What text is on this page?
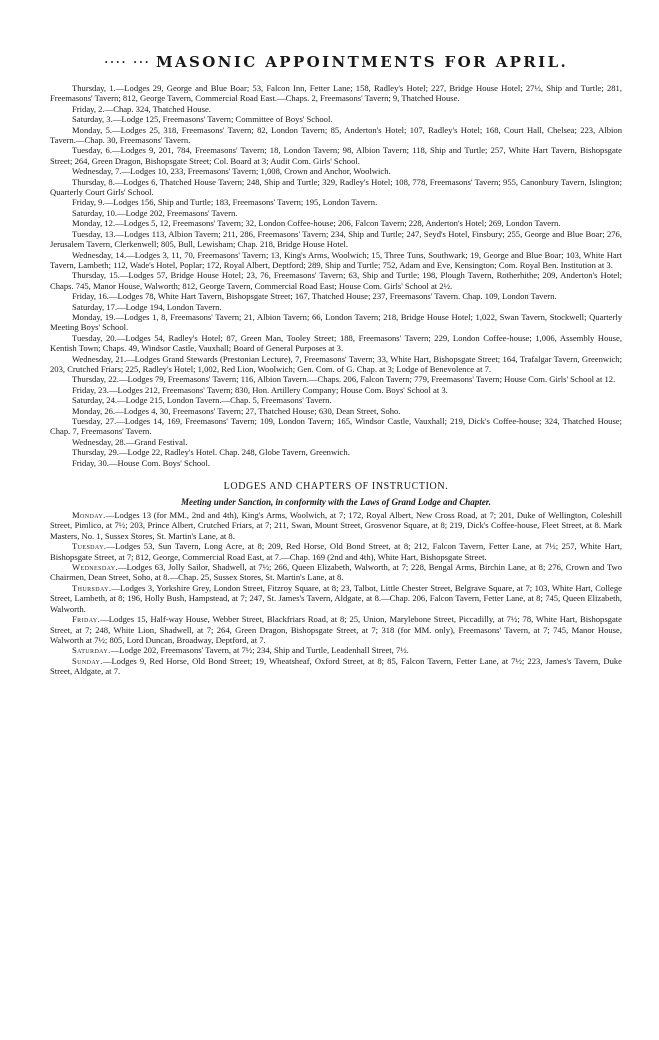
···· ··· MASONIC APPOINTMENTS FOR APRIL.

Thursday, 1.—Lodges 29, George and Blue Boar; 53, Falcon Inn, Fetter Lane; 158, Radley's Hotel; 227, Bridge House Hotel; 27½, Ship and Turtle; 281, Freemasons' Tavern; 812, George Tavern, Commercial Road East.—Chaps. 2, Freemasons' Tavern; 9, Thatched House.

Friday, 2.—Chap. 324, Thatched House.

Saturday, 3.—Lodge 125, Freemasons' Tavern; Committee of Boys' School.

Monday, 5.—Lodges 25, 318, Freemasons' Tavern; 82, London Tavern; 85, Anderton's Hotel; 107, Radley's Hotel; 168, Court Hall, Chelsea; 223, Albion Tavern.—Chap. 30, Freemasons' Tavern.

Tuesday, 6.—Lodges 9, 201, 784, Freemasons' Tavern; 18, London Tavern; 98, Albion Tavern; 118, Ship and Turtle; 257, White Hart Tavern, Bishopsgate Street; 264, Green Dragon, Bishopsgate Street; Col. Board at 3; Audit Com. Girls' School.

Wednesday, 7.—Lodges 10, 233, Freemasons' Tavern; 1,008, Crown and Anchor, Woolwich.

Thursday, 8.—Lodges 6, Thatched House Tavern; 248, Ship and Turtle; 329, Radley's Hotel; 108, 778, Freemasons' Tavern; 955, Canonbury Tavern, Islington; Quarterly Court Girls' School.

Friday, 9.—Lodges 156, Ship and Turtle; 183, Freemasons' Tavern; 195, London Tavern.

Saturday, 10.—Lodge 202, Freemasons' Tavern.

Monday, 12.—Lodges 5, 12, Freemasons' Tavern; 32, London Coffee-house; 206, Falcon Tavern; 228, Anderton's Hotel; 269, London Tavern.

Tuesday, 13.—Lodges 113, Albion Tavern; 211, 286, Freemasons' Tavern; 234, Ship and Turtle; 247, Seyd's Hotel, Finsbury; 255, George and Blue Boar; 276, Jerusalem Tavern, Clerkenwell; 805, Bull, Lewisham; Chap. 218, Bridge House Hotel.

Wednesday, 14.—Lodges 3, 11, 70, Freemasons' Tavern; 13, King's Arms, Woolwich; 15, Three Tuns, Southwark; 19, George and Blue Boar; 103, White Hart Tavern, Lambeth; 112, Wade's Hotel, Poplar; 172, Royal Albert, Deptford; 289, Ship and Turtle; 752, Adam and Eve, Kensington; Com. Royal Ben. Institution at 3.

Thursday, 15.—Lodges 57, Bridge House Hotel; 23, 76, Freemasons' Tavern; 63, Ship and Turtle; 198, Plough Tavern, Rotherhithe; 209, Anderton's Hotel; Chaps. 745, Manor House, Walworth; 812, George Tavern, Commercial Road East; House Com. Girls' School at 2½.

Friday, 16.—Lodges 78, White Hart Tavern, Bishopsgate Street; 167, Thatched House; 237, Freemasons' Tavern. Chap. 109, London Tavern.

Saturday, 17.—Lodge 194, London Tavern.

Monday, 19.—Lodges 1, 8, Freemasons' Tavern; 21, Albion Tavern; 66, London Tavern; 218, Bridge House Hotel; 1,022, Swan Tavern, Stockwell; Quarterly Meeting Boys' School.

Tuesday, 20.—Lodges 54, Radley's Hotel; 87, Green Man, Tooley Street; 188, Freemasons' Tavern; 229, London Coffee-house; 1,006, Assembly House, Kentish Town; Chaps. 49, Windsor Castle, Vauxhall; Board of General Purposes at 3.

Wednesday, 21.—Lodges Grand Stewards (Prestonian Lecture), 7, Freemasons' Tavern; 33, White Hart, Bishopsgate Street; 164, Trafalgar Tavern, Greenwich; 203, Crutched Friars; 225, Radley's Hotel; 1,002, Red Lion, Woolwich; Gen. Com. of G. Chap. at 3; Lodge of Benevolence at 7.

Thursday, 22.—Lodges 79, Freemasons' Tavern; 116, Albion Tavern.—Chaps. 206, Falcon Tavern; 779, Freemasons' Tavern; House Com. Girls' School at 12.

Friday, 23.—Lodges 212, Freemasons' Tavern; 830, Hon. Artillery Company; House Com. Boys' School at 3.

Saturday, 24.—Lodge 215, London Tavern.—Chap. 5, Freemasons' Tavern.

Monday, 26.—Lodges 4, 30, Freemasons' Tavern; 27, Thatched House; 630, Dean Street, Soho.

Tuesday, 27.—Lodges 14, 169, Freemasons' Tavern; 109, London Tavern; 165, Windsor Castle, Vauxhall; 219, Dick's Coffee-house; 324, Thatched House; Chap. 7, Freemasons' Tavern.

Wednesday, 28.—Grand Festival.

Thursday, 29.—Lodge 22, Radley's Hotel. Chap. 248, Globe Tavern, Greenwich.

Friday, 30.—House Com. Boys' School.

LODGES AND CHAPTERS OF INSTRUCTION.
Meeting under Sanction, in conformity with the Laws of Grand Lodge and Chapter.

Monday.—Lodges 13 (for MM., 2nd and 4th), King's Arms, Woolwich, at 7; 172, Royal Albert, New Cross Road, at 7; 201, Duke of Wellington, Coleshill Street, Pimlico, at 7½; 203, Prince Albert, Crutched Friars, at 7; 211, Swan, Mount Street, Grosvenor Square, at 8; 219, Dick's Coffee-house, Fleet Street, at 8. Mark Masters, No. 1, Sussex Stores, St. Martin's Lane, at 8.

Tuesday.—Lodges 53, Sun Tavern, Long Acre, at 8; 209, Red Horse, Old Bond Street, at 8; 212, Falcon Tavern, Fetter Lane, at 7½; 257, White Hart, Bishopsgate Street, at 7; 812, George, Commercial Road East, at 7.—Chap. 169 (2nd and 4th), White Hart, Bishopsgate Street.

Wednesday.—Lodges 63, Jolly Sailor, Shadwell, at 7½; 266, Queen Elizabeth, Walworth, at 7; 228, Bengal Arms, Birchin Lane, at 8; 276, Crown and Two Chairmen, Dean Street, Soho, at 8.—Chap. 25, Sussex Stores, St. Martin's Lane, at 8.

Thursday.—Lodges 3, Yorkshire Grey, London Street, Fitzroy Square, at 8; 23, Talbot, Little Chester Street, Belgrave Square, at 7; 103, White Hart, College Street, Lambeth, at 8; 196, Holly Bush, Hampstead, at 7; 247, St. James's Tavern, Aldgate, at 8.—Chap. 206, Falcon Tavern, Fetter Lane, at 8; 745, Queen Elizabeth, Walworth.

Friday.—Lodges 15, Half-way House, Webber Street, Blackfriars Road, at 8; 25, Union, Marylebone Street, Piccadilly, at 7½; 78, White Hart, Bishopsgate Street, at 7; 248, White Lion, Shadwell, at 7; 264, Green Dragon, Bishopsgate Street, at 7; 318 (for MM. only), Freemasons' Tavern, at 7; 745, Manor House, Walworth at 7½; 805, Lord Duncan, Broadway, Deptford, at 7.

Saturday.—Lodge 202, Freemasons' Tavern, at 7½; 234, Ship and Turtle, Leadenhall Street, 7½.

Sunday.—Lodges 9, Red Horse, Old Bond Street; 19, Wheatsheaf, Oxford Street, at 8; 85, Falcon Tavern, Fetter Lane, at 7½; 223, James's Tavern, Duke Street, Aldgate, at 7.
